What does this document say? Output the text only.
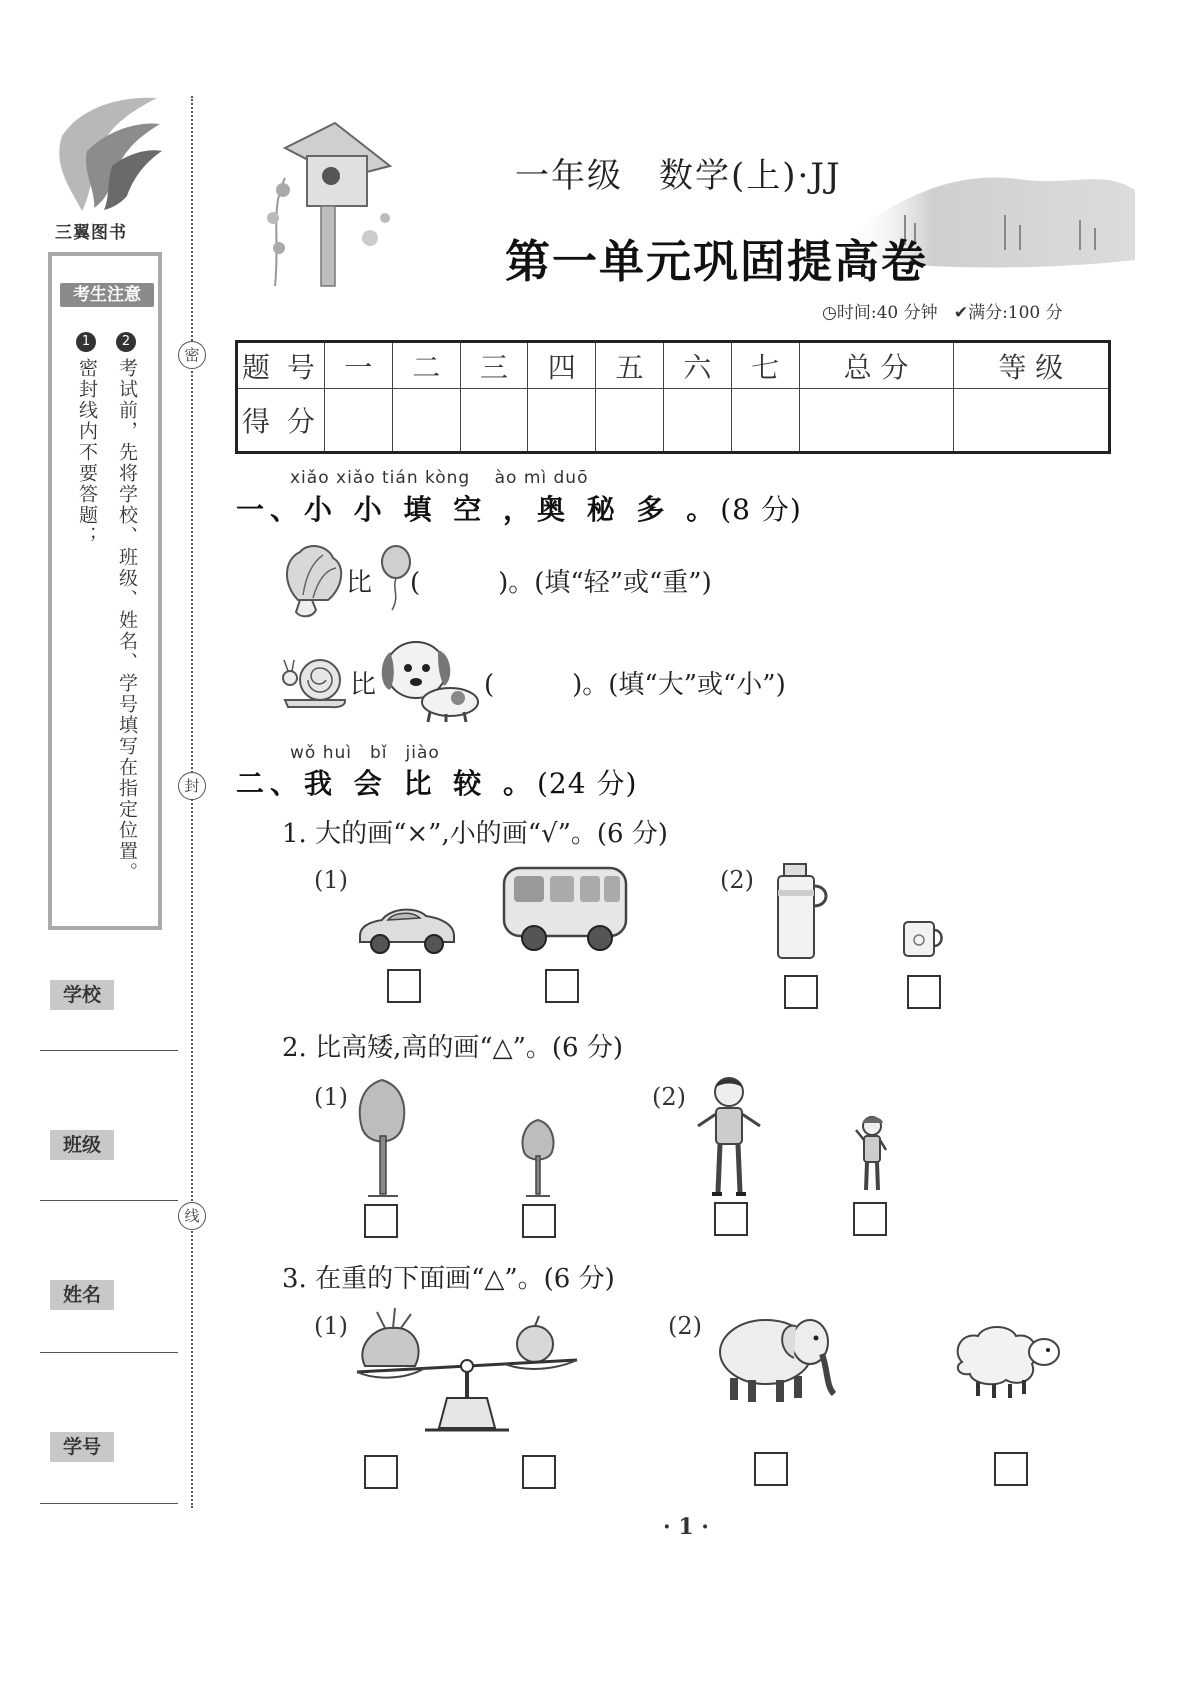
三翼图书
考生注意
1
密封线内不要答题；
2
考试前，先将学校、班级、姓名、学号填写在指定位置。
学校
班级
姓名
学号
密
封
线
一年级　数学(上)·JJ
第一单元巩固提高卷
◷时间:40 分钟 ✔满分:100 分
题 号	一	二	三	四	五	六	七	总 分	等 级
得 分									
xiǎo xiǎo tián kòng　 ào mì duō
一、小 小 填 空 ，奥 秘 多 。(8 分)
比 (　　　)。(填“轻”或“重”)
比	(　　　)。(填“大”或“小”)
wǒ huì　bǐ　jiào
二、我 会 比 较 。(24 分)
1. 大的画“×”,小的画“√”。(6 分)
(1)	(2)
2. 比高矮,高的画“△”。(6 分)
(1)	(2)
3. 在重的下面画“△”。(6 分)
(1)	(2)
· 1 ·
